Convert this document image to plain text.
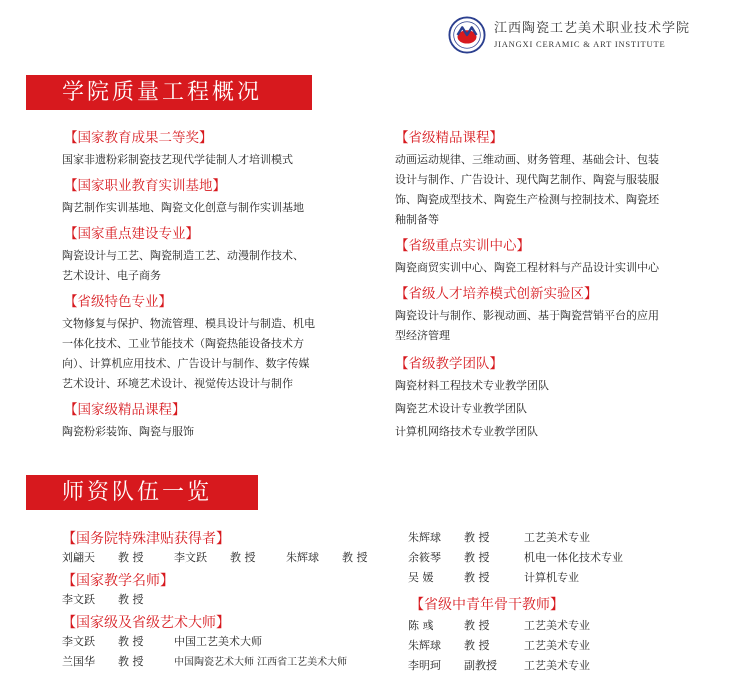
江西陶瓷工艺美术职业技术学院
JIANGXI CERAMIC & ART INSTITUTE
学院质量工程概况
【国家教育成果二等奖】
国家非遗粉彩制瓷技艺现代学徒制人才培训模式
【国家职业教育实训基地】
陶艺制作实训基地、陶瓷文化创意与制作实训基地
【国家重点建设专业】
陶瓷设计与工艺、陶瓷制造工艺、动漫制作技术、
艺术设计、电子商务
【省级特色专业】
文物修复与保护、物流管理、模具设计与制造、机电
一体化技术、工业节能技术（陶瓷热能设备技术方
向）、计算机应用技术、广告设计与制作、数字传媒
艺术设计、环境艺术设计、视觉传达设计与制作
【国家级精品课程】
陶瓷粉彩装饰、陶瓷与服饰
【省级精品课程】
动画运动规律、三维动画、财务管理、基础会计、包装
设计与制作、广告设计、现代陶艺制作、陶瓷与服装服
饰、陶瓷成型技术、陶瓷生产检测与控制技术、陶瓷坯
釉制备等
【省级重点实训中心】
陶瓷商贸实训中心、陶瓷工程材料与产品设计实训中心
【省级人才培养模式创新实验区】
陶瓷设计与制作、影视动画、基于陶瓷营销平台的应用
型经济管理
【省级教学团队】
陶瓷材料工程技术专业教学团队
陶瓷艺术设计专业教学团队
计算机网络技术专业教学团队
师资队伍一览
【国务院特殊津贴获得者】
刘翩天 教 授	李文跃 教 授	朱辉球 教 授
【国家教学名师】
李文跃 教 授
【国家级及省级艺术大师】
李文跃 教 授	中国工艺美术大师
兰国华 教 授	中国陶瓷艺术大师 江西省工艺美术大师
朱辉球 教 授	工艺美术专业
余筱琴 教 授	机电一体化技术专业
吴 媛	教 授	计算机专业
【省级中青年骨干教师】
陈 彧	教 授	工艺美术专业
朱辉球 教 授	工艺美术专业
李明珂 副教授 工艺美术专业
